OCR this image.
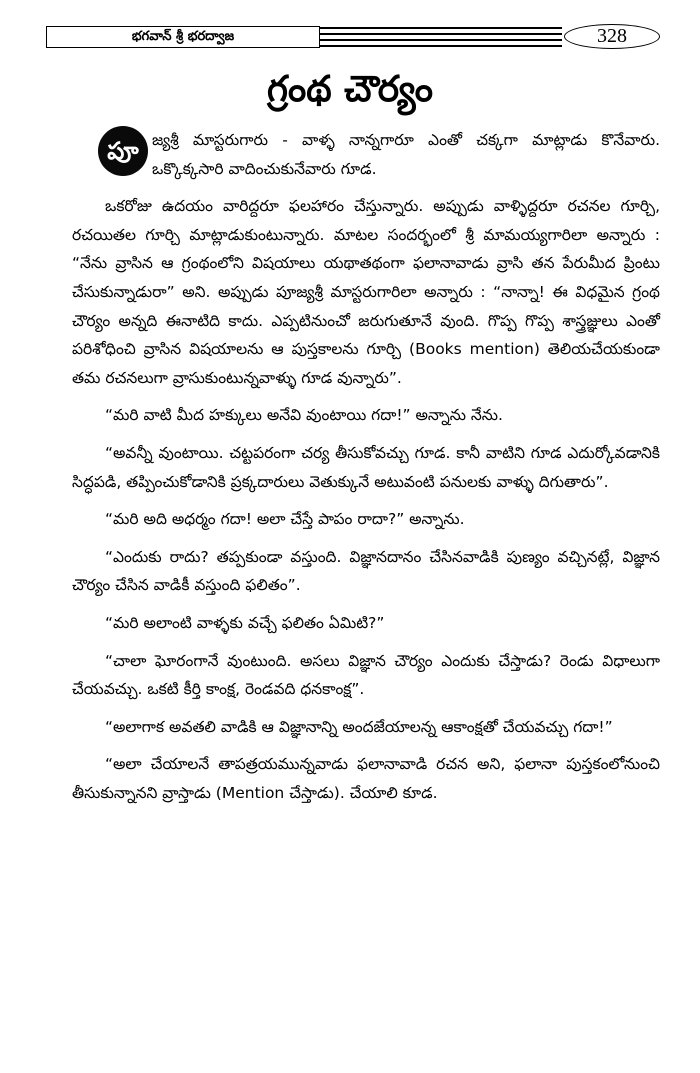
భగవాన్ శ్రీ భరద్వాజ	328
గ్రంథ చౌర్యం

పూ జ్యశ్రీ మాస్టరుగారు - వాళ్ళ నాన్నగారూ ఎంతో చక్కగా మాట్లాడు కొనేవారు. ఒక్కొక్కసారి వాదించుకునేవారు గూడ.

ఒకరోజు ఉదయం వారిద్దరూ ఫలహారం చేస్తున్నారు. అప్పుడు వాళ్ళిద్దరూ రచనల గూర్చి, రచయితల గూర్చి మాట్లాడుకుంటున్నారు. మాటల సందర్భంలో శ్రీ మామయ్యగారిలా అన్నారు : “నేను వ్రాసిన ఆ గ్రంథంలోని విషయాలు యథాతథంగా ఫలానావాడు వ్రాసి తన పేరుమీద ప్రింటు చేసుకున్నాడురా” అని. అప్పుడు పూజ్యశ్రీ మాస్టరుగారిలా అన్నారు : “నాన్నా! ఈ విధమైన గ్రంథ చౌర్యం అన్నది ఈనాటిది కాదు. ఎప్పటినుంచో జరుగుతూనే వుంది. గొప్ప గొప్ప శాస్త్రజ్ఞులు ఎంతో పరిశోధించి వ్రాసిన విషయాలను ఆ పుస్తకాలను గూర్చి (Books mention) తెలియచేయకుండా తమ రచనలుగా వ్రాసుకుంటున్నవాళ్ళు గూడ వున్నారు”.

“మరి వాటి మీద హక్కులు అనేవి వుంటాయి గదా!” అన్నాను నేను.

“అవన్నీ వుంటాయి. చట్టపరంగా చర్య తీసుకోవచ్చు గూడ. కానీ వాటిని గూడ ఎదుర్కోవడానికి సిద్ధపడి, తప్పించుకోడానికి ప్రక్కదారులు వెతుక్కునే అటువంటి పనులకు వాళ్ళు దిగుతారు”.

“మరి అది అధర్మం గదా! అలా చేస్తే పాపం రాదా?” అన్నాను.

“ఎందుకు రాదు? తప్పకుండా వస్తుంది. విజ్ఞానదానం చేసినవాడికి పుణ్యం వచ్చినట్లే, విజ్ఞాన చౌర్యం చేసిన వాడికీ వస్తుంది ఫలితం”.

“మరి అలాంటి వాళ్ళకు వచ్చే ఫలితం ఏమిటి?”

“చాలా ఘోరంగానే వుంటుంది. అసలు విజ్ఞాన చౌర్యం ఎందుకు చేస్తాడు? రెండు విధాలుగా చేయవచ్చు. ఒకటి కీర్తి కాంక్ష, రెండవది ధనకాంక్ష”.

“అలాగాక అవతలి వాడికి ఆ విజ్ఞానాన్ని అందజేయాలన్న ఆకాంక్షతో చేయవచ్చు గదా!”

“అలా చేయాలనే తాపత్రయమున్నవాడు ఫలానావాడి రచన అని, ఫలానా పుస్తకంలోనుంచి తీసుకున్నానని వ్రాస్తాడు (Mention చేస్తాడు). చేయాలి కూడ.
